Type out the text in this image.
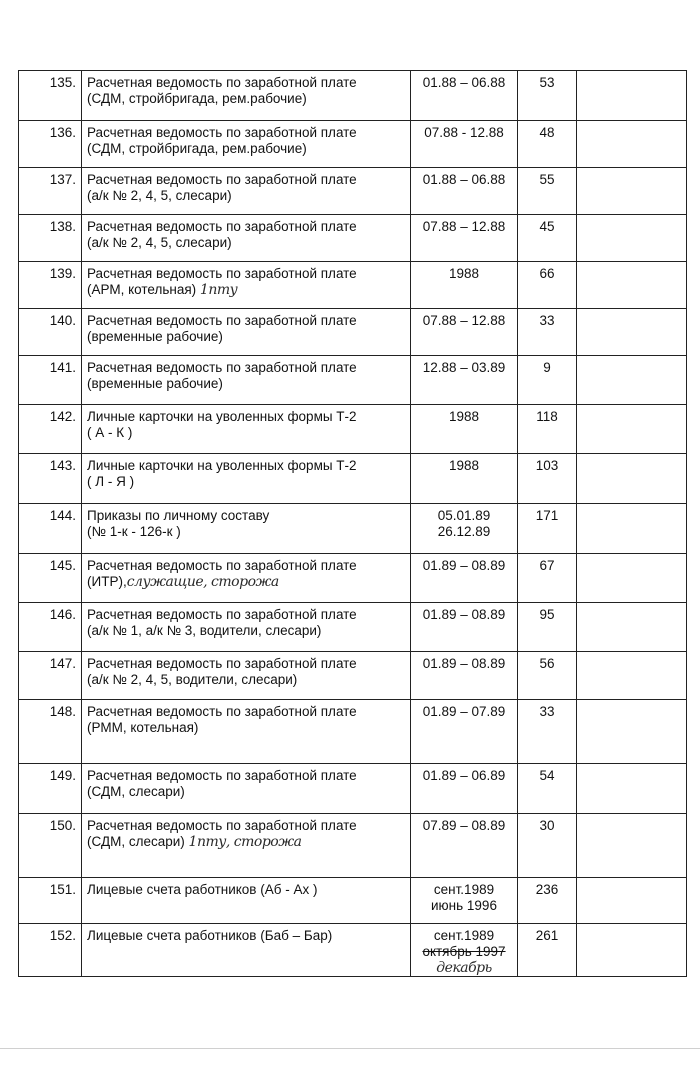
135.	Расчетная ведомость по заработной плате
(СДМ, стройбригада, рем.рабочие)	01.88 – 06.88	53	
136.	Расчетная ведомость по заработной плате
(СДМ, стройбригада, рем.рабочие)	07.88 - 12.88	48	
137.	Расчетная ведомость по заработной плате
(а/к № 2, 4, 5, слесари)	01.88 – 06.88	55	
138.	Расчетная ведомость по заработной плате
(а/к № 2, 4, 5, слесари)	07.88 – 12.88	45	
139.	Расчетная ведомость по заработной плате
(АРМ, котельная) 1пту	1988	66	
140.	Расчетная ведомость по заработной плате
(временные рабочие)	07.88 – 12.88	33	
141.	Расчетная ведомость по заработной плате
(временные рабочие)	12.88 – 03.89	9	
142.	Личные карточки на уволенных формы Т-2
( А - К )	1988	118	
143.	Личные карточки на уволенных формы Т-2
( Л - Я )	1988	103	
144.	Приказы по личному составу
(№ 1-к - 126-к )	05.01.89
26.12.89	171	
145.	Расчетная ведомость по заработной плате
(ИТР),служащие, сторожа	01.89 – 08.89	67	
146.	Расчетная ведомость по заработной плате
(а/к № 1, а/к № 3, водители, слесари)	01.89 – 08.89	95	
147.	Расчетная ведомость по заработной плате
(а/к № 2, 4, 5, водители, слесари)	01.89 – 08.89	56	
148.	Расчетная ведомость по заработной плате
(РММ, котельная)	01.89 – 07.89	33	
149.	Расчетная ведомость по заработной плате
(СДМ, слесари)	01.89 – 06.89	54	
150.	Расчетная ведомость по заработной плате
(СДМ, слесари) 1пту, сторожа	07.89 – 08.89	30	
151.	Лицевые счета работников (Аб - Ах )	сент.1989
июнь 1996	236	
152.	Лицевые счета работников (Баб – Бар)	сент.1989
октябрь 1997
декабрь	261	
